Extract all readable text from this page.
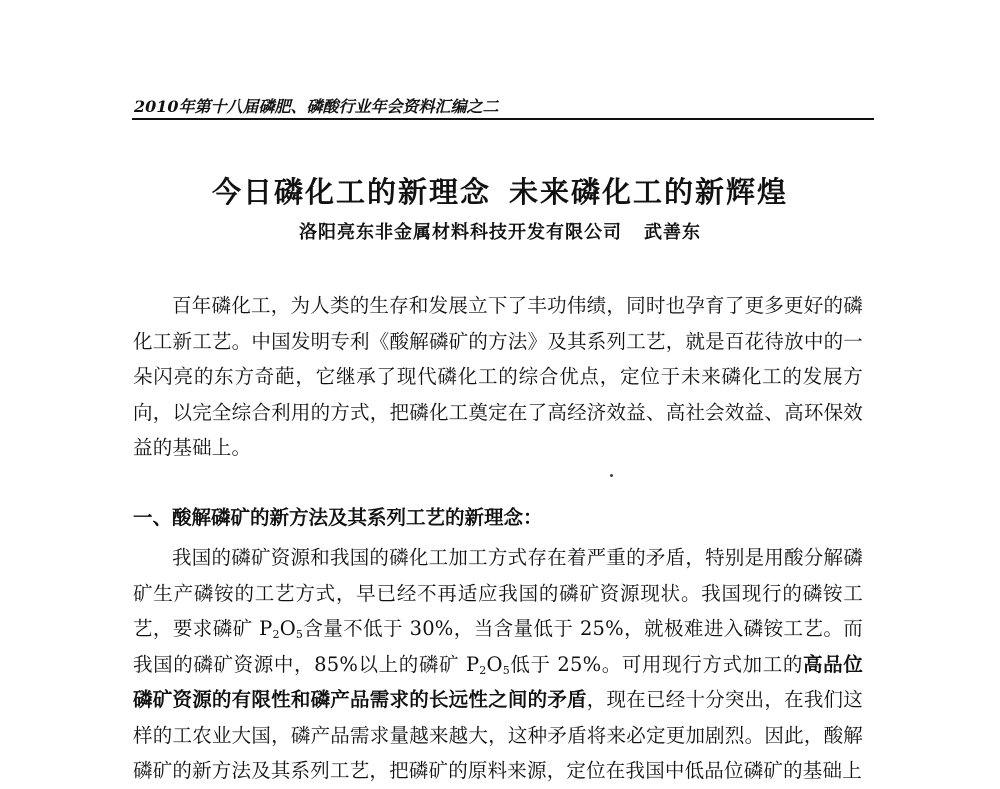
2010年第十八届磷肥、磷酸行业年会资料汇编之二
今日磷化工的新理念 未来磷化工的新辉煌
洛阳亮东非金属材料科技开发有限公司 武善东

百年磷化工，为人类的生存和发展立下了丰功伟绩，同时也孕育了更多更好的磷化工新工艺。中国发明专利《酸解磷矿的方法》及其系列工艺，就是百花待放中的一朵闪亮的东方奇葩，它继承了现代磷化工的综合优点，定位于未来磷化工的发展方向，以完全综合利用的方式，把磷化工奠定在了高经济效益、高社会效益、高环保效益的基础上。

一、酸解磷矿的新方法及其系列工艺的新理念：

我国的磷矿资源和我国的磷化工加工方式存在着严重的矛盾，特别是用酸分解磷矿生产磷铵的工艺方式，早已经不再适应我国的磷矿资源现状。我国现行的磷铵工艺，要求磷矿 $P_2O_5$含量不低于 30%，当含量低于 25%，就极难进入磷铵工艺。而我国的磷矿资源中，85%以上的磷矿 $P_2O_5$低于 25%。可用现行方式加工的高品位磷矿资源的有限性和磷产品需求的长远性之间的矛盾，现在已经十分突出，在我们这样的工农业大国，磷产品需求量越来越大，这种矛盾将来必定更加剧烈。因此，酸解磷矿的新方法及其系列工艺，把磷矿的原料来源，定位在我国中低品位磷矿的基础上
